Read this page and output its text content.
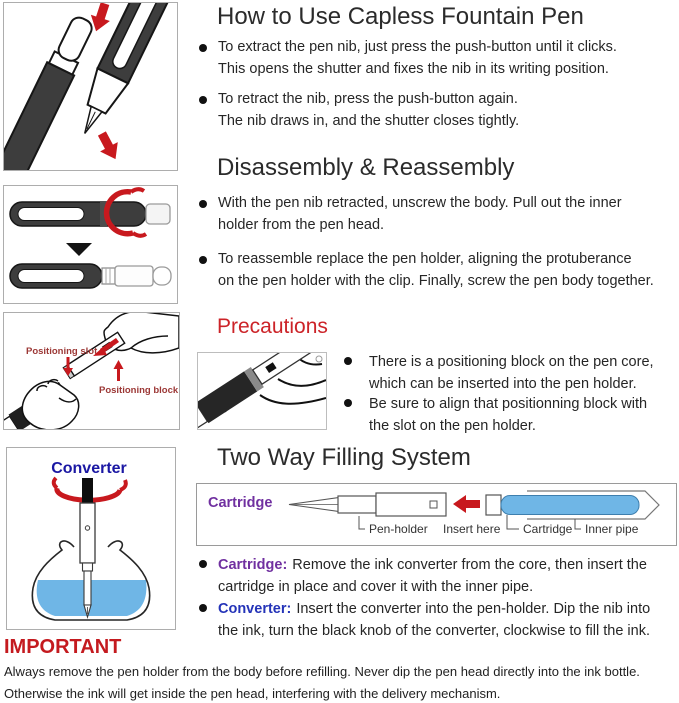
Positioning slot
Positioning block
Converter
How to Use Capless Fountain Pen
To extract the pen nib, just press the push-button until it clicks.
This opens the shutter and fixes the nib in its writing position.
To retract the nib, press the push-button again.
The nib draws in, and the shutter closes tightly.
Disassembly & Reassembly
With the pen nib retracted, unscrew the body. Pull out the inner
holder from the pen head.
To reassemble replace the pen holder, aligning the protuberance
on the pen holder with the clip. Finally, screw the pen body together.
Precautions
There is a positioning block on the pen core,
which can be inserted into the pen holder.
Be sure to align that positionning block with
the slot on the pen holder.
Two Way Filling System
Cartridge
Pen-holder Insert here Cartridge Inner pipe
Cartridge: Remove the ink converter from the core, then insert the
cartridge in place and cover it with the inner pipe.
Converter: Insert the converter into the pen-holder. Dip the nib into
the ink, turn the black knob of the converter, clockwise to fill the ink.
IMPORTANT
Always remove the pen holder from the body before refilling. Never dip the pen head directly into the ink bottle.
Otherwise the ink will get inside the pen head, interfering with the delivery mechanism.
